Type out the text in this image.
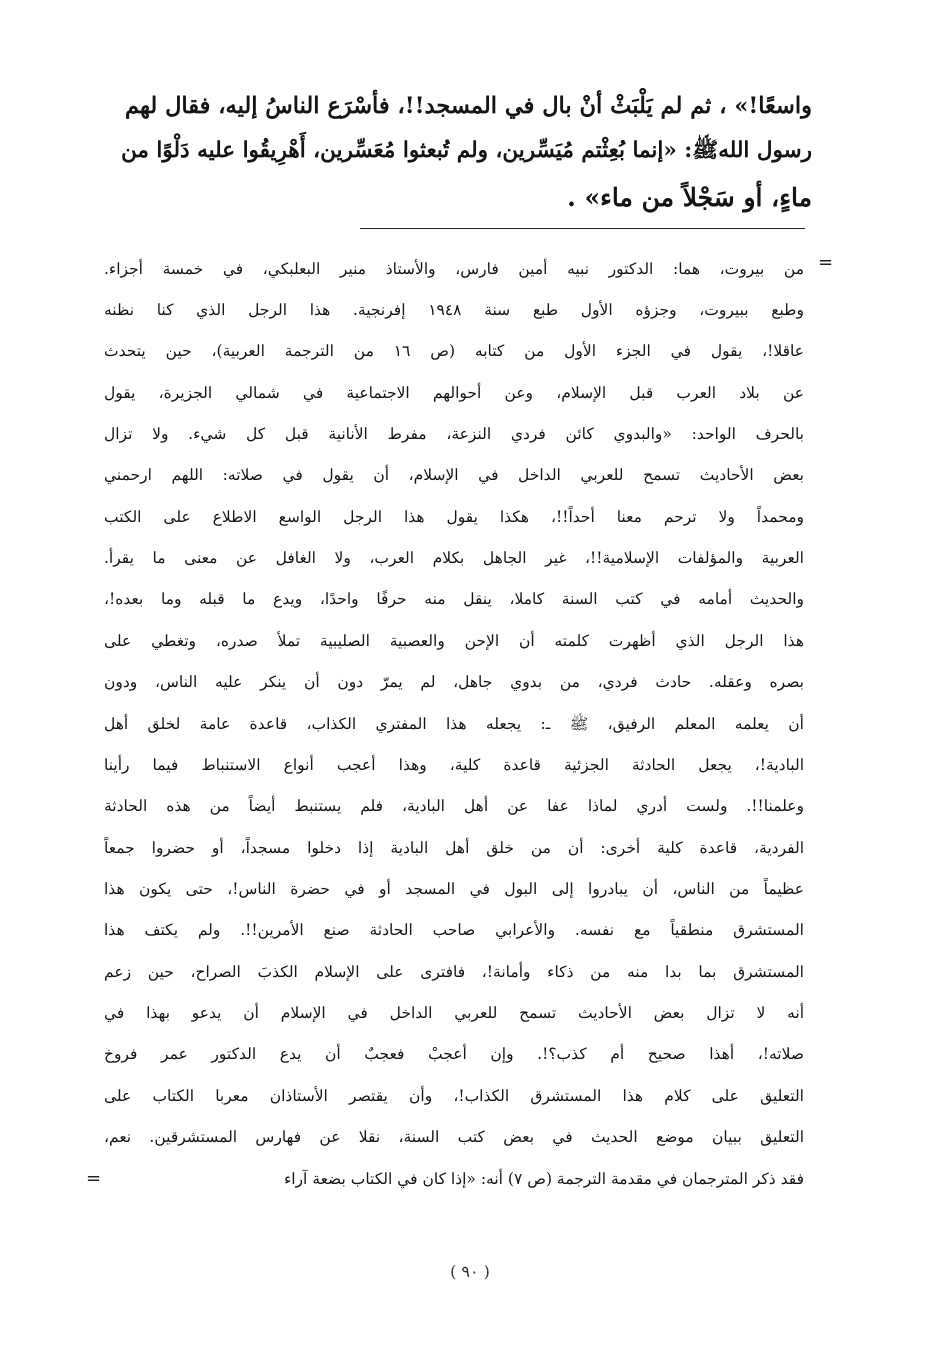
واسعًا!» ، ثم لم يَلْبَثْ أنْ بال في المسجد!!، فأسْرَع الناسُ إليه، فقال لهم
رسول اللهﷺ: «إنما بُعِثْتم مُيَسِّرين، ولم تُبعثوا مُعَسِّرين، أَهْرِيقُوا عليه دَلْوًا من
ماءٍ، أو سَجْلاً من ماء» .
=
من بيروت، هما: الدكتور نبيه أمين فارس، والأستاذ منير البعلبكي، في خمسة أجزاء.
وطبع ببيروت، وجزؤه الأول طبع سنة ١٩٤٨ إفرنجية. هذا الرجل الذي كنا نظنه
عاقلا!، يقول في الجزء الأول من كتابه (ص ١٦ من الترجمة العربية)، حين يتحدث
عن بلاد العرب قبل الإسلام، وعن أحوالهم الاجتماعية في شمالي الجزيرة، يقول
بالحرف الواحد: «والبدوي كائن فردي النزعة، مفرط الأنانية قبل كل شيء. ولا تزال
بعض الأحاديث تسمح للعربي الداخل في الإسلام، أن يقول في صلاته: اللهم ارحمني
ومحمداً ولا ترحم معنا أحداً!!، هكذا يقول هذا الرجل الواسع الاطلاع على الكتب
العربية والمؤلفات الإسلامية!!، غير الجاهل بكلام العرب، ولا الغافل عن معنى ما يقرأ.
والحديث أمامه في كتب السنة كاملا، ينقل منه حرفًا واحدًا، ويدع ما قبله وما بعده!،
هذا الرجل الذي أظهرت كلمته أن الإحن والعصبية الصليبية تملأ صدره، وتغطي على
بصره وعقله. حادث فردي، من بدوي جاهل، لم يمرّ دون أن ينكر عليه الناس، ودون
أن يعلمه المعلم الرفيق، ﷺ ـ: يجعله هذا المفتري الكذاب، قاعدة عامة لخلق أهل
البادية!، يجعل الحادثة الجزئية قاعدة كلية، وهذا أعجب أنواع الاستنباط فيما رأينا
وعلمنا!!. ولست أدري لماذا عفا عن أهل البادية، فلم يستنبط أيضاً من هذه الحادثة
الفردية، قاعدة كلية أخرى: أن من خلق أهل البادية إذا دخلوا مسجداً، أو حضروا جمعاً
عظيماً من الناس، أن يبادروا إلى البول في المسجد أو في حضرة الناس!، حتى يكون هذا
المستشرق منطقياً مع نفسه. والأعرابي صاحب الحادثة صنع الأمرين!!. ولم يكتف هذا
المستشرق بما بدا منه من ذكاء وأمانة!، فافترى على الإسلام الكذبَ الصراح، حين زعم
أنه لا تزال بعض الأحاديث تسمح للعربي الداخل في الإسلام أن يدعو بهذا في
صلاته!، أهذا صحيح أم كذب؟!. وإن أعجبْ فعجبٌ أن يدع الدكتور عمر فروخ
التعليق على كلام هذا المستشرق الكذاب!، وأن يقتصر الأستاذان معربا الكتاب على
التعليق ببيان موضع الحديث في بعض كتب السنة، نقلا عن فهارس المستشرقين. نعم،
فقد ذكر المترجمان في مقدمة الترجمة (ص ٧) أنه: «إذا كان في الكتاب بضعة آراء
=
( ٩٠ )
